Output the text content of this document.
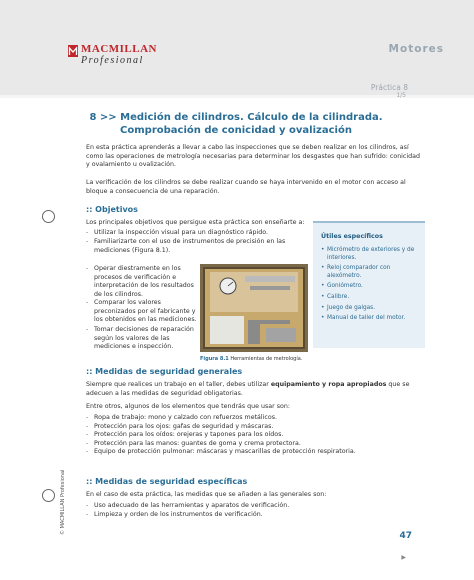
MACMILLAN
Profesional
Motores
Práctica 8
1/5
8 >> Medición de cilindros. Cálculo de la cilindrada.
Comprobación de conicidad y ovalización
En esta práctica aprenderás a llevar a cabo las inspecciones que se deben realizar en los cilindros, así como las operaciones de metrología necesarias para determinar los desgastes que han sufrido: conicidad y ovalamiento u ovalización.
La verificación de los cilindros se debe realizar cuando se haya intervenido en el motor con acceso al bloque a consecuencia de una reparación.
:: Objetivos
Los principales objetivos que persigue esta práctica son enseñarte a:
- Utilizar la inspección visual para un diagnóstico rápido.
- Familiarizarte con el uso de instrumentos de precisión en las mediciones (Figura 8.1).
- Operar diestramente en los procesos de verificación e interpretación de los resultados de los cilindros.
- Comparar los valores preconizados por el fabricante y los obtenidos en las mediciones.
- Tomar decisiones de reparación según los valores de las mediciones e inspección.
Útiles específicos
• Micrómetro de exteriores y de interiores.
• Reloj comparador con alexómetro.
• Goniómetro.
• Calibre.
• Juego de galgas.
• Manual de taller del motor.
Figura 8.1 Herramientas de metrología.
:: Medidas de seguridad generales
Siempre que realices un trabajo en el taller, debes utilizar equipamiento y ropa apropiados que se adecuen a las medidas de seguridad obligatorias.
Entre otros, algunos de los elementos que tendrás que usar son:
- Ropa de trabajo: mono y calzado con refuerzos metálicos.
- Protección para los ojos: gafas de seguridad y máscaras.
- Protección para los oídos: orejeras y tapones para los oídos.
- Protección para las manos: guantes de goma y crema protectora.
- Equipo de protección pulmonar: máscaras y mascarillas de protección respiratoria.
:: Medidas de seguridad específicas
En el caso de esta práctica, las medidas que se añaden a las generales son:
- Uso adecuado de las herramientas y aparatos de verificación.
- Limpieza y orden de los instrumentos de verificación.
47
© MACMILLAN Profesional
▶
